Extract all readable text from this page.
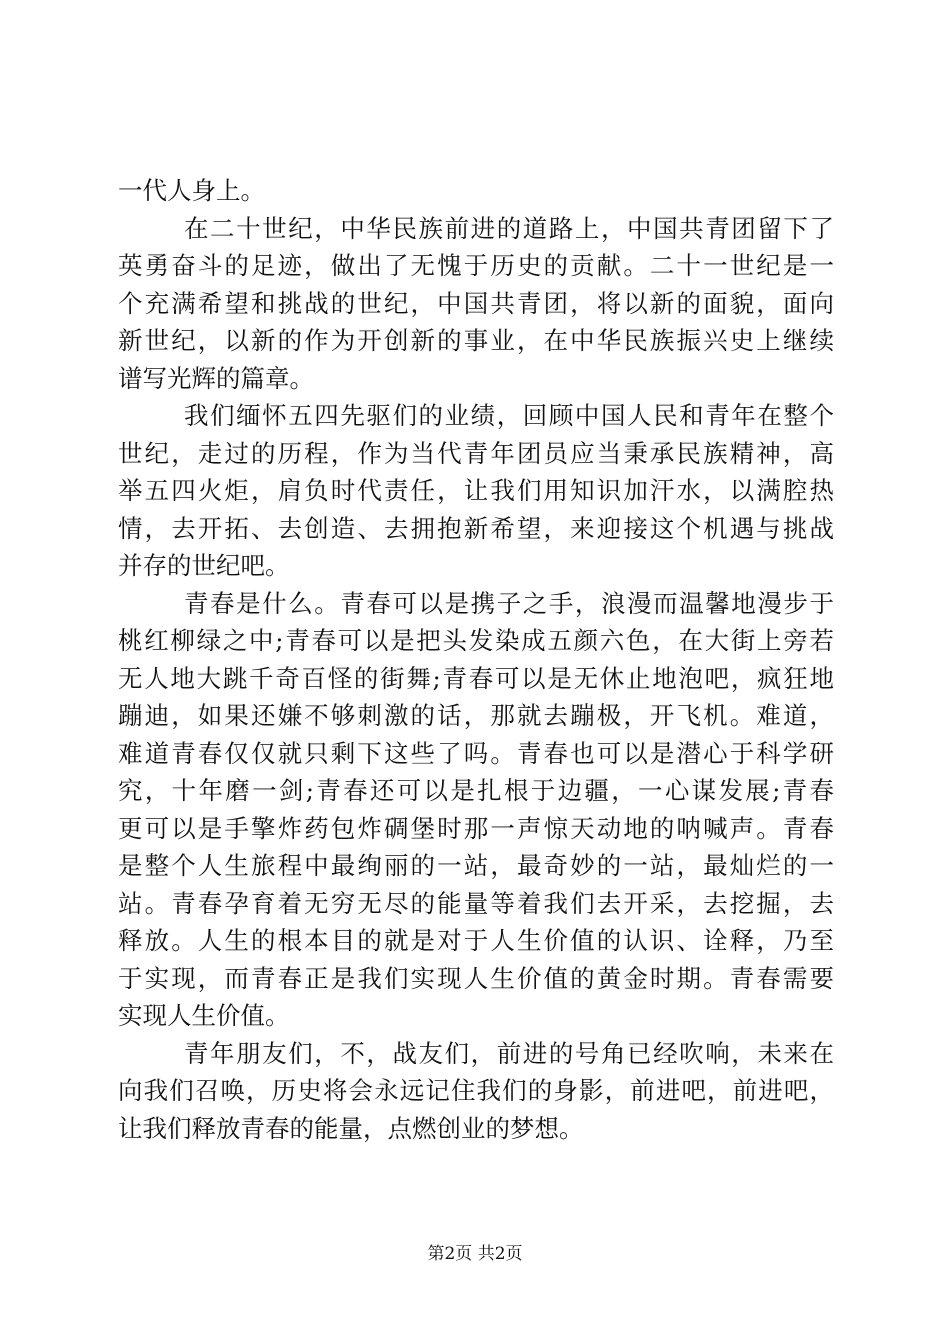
一代人身上。
在二十世纪，中华民族前进的道路上，中国共青团留下了
英勇奋斗的足迹，做出了无愧于历史的贡献。二十一世纪是一
个充满希望和挑战的世纪，中国共青团，将以新的面貌，面向
新世纪，以新的作为开创新的事业，在中华民族振兴史上继续
谱写光辉的篇章。
我们缅怀五四先驱们的业绩，回顾中国人民和青年在整个
世纪，走过的历程，作为当代青年团员应当秉承民族精神，高
举五四火炬，肩负时代责任，让我们用知识加汗水，以满腔热
情，去开拓、去创造、去拥抱新希望，来迎接这个机遇与挑战
并存的世纪吧。
青春是什么。青春可以是携子之手，浪漫而温馨地漫步于
桃红柳绿之中;青春可以是把头发染成五颜六色，在大街上旁若
无人地大跳千奇百怪的街舞;青春可以是无休止地泡吧，疯狂地
蹦迪，如果还嫌不够刺激的话，那就去蹦极，开飞机。难道，
难道青春仅仅就只剩下这些了吗。青春也可以是潜心于科学研
究，十年磨一剑;青春还可以是扎根于边疆，一心谋发展;青春
更可以是手擎炸药包炸碉堡时那一声惊天动地的呐喊声。青春
是整个人生旅程中最绚丽的一站，最奇妙的一站，最灿烂的一
站。青春孕育着无穷无尽的能量等着我们去开采，去挖掘，去
释放。人生的根本目的就是对于人生价值的认识、诠释，乃至
于实现，而青春正是我们实现人生价值的黄金时期。青春需要
实现人生价值。
青年朋友们，不，战友们，前进的号角已经吹响，未来在
向我们召唤，历史将会永远记住我们的身影，前进吧，前进吧，
让我们释放青春的能量，点燃创业的梦想。
第2页 共2页
